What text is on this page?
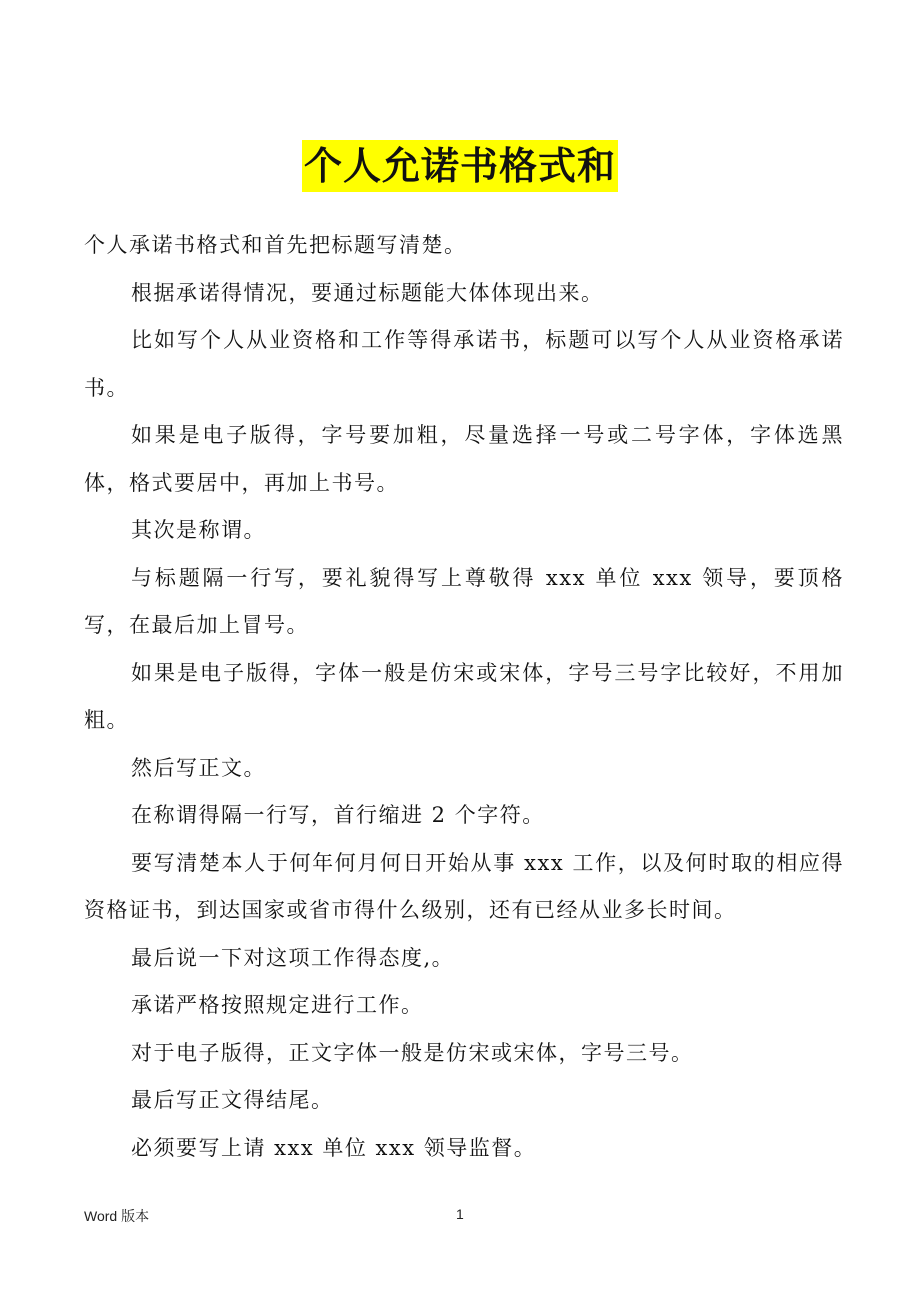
个人允诺书格式和

个人承诺书格式和首先把标题写清楚。

根据承诺得情况，要通过标题能大体体现出来。

比如写个人从业资格和工作等得承诺书，标题可以写个人从业资格承诺书。

如果是电子版得，字号要加粗，尽量选择一号或二号字体，字体选黑体，格式要居中，再加上书号。

其次是称谓。

与标题隔一行写，要礼貌得写上尊敬得 xxx 单位 xxx 领导，要顶格写，在最后加上冒号。

如果是电子版得，字体一般是仿宋或宋体，字号三号字比较好，不用加粗。

然后写正文。

在称谓得隔一行写，首行缩进 2 个字符。

要写清楚本人于何年何月何日开始从事 xxx 工作，以及何时取的相应得资格证书，到达国家或省市得什么级别，还有已经从业多长时间。

最后说一下对这项工作得态度,。

承诺严格按照规定进行工作。

对于电子版得，正文字体一般是仿宋或宋体，字号三号。

最后写正文得结尾。

必须要写上请 xxx 单位 xxx 领导监督。

Word 版本	1
